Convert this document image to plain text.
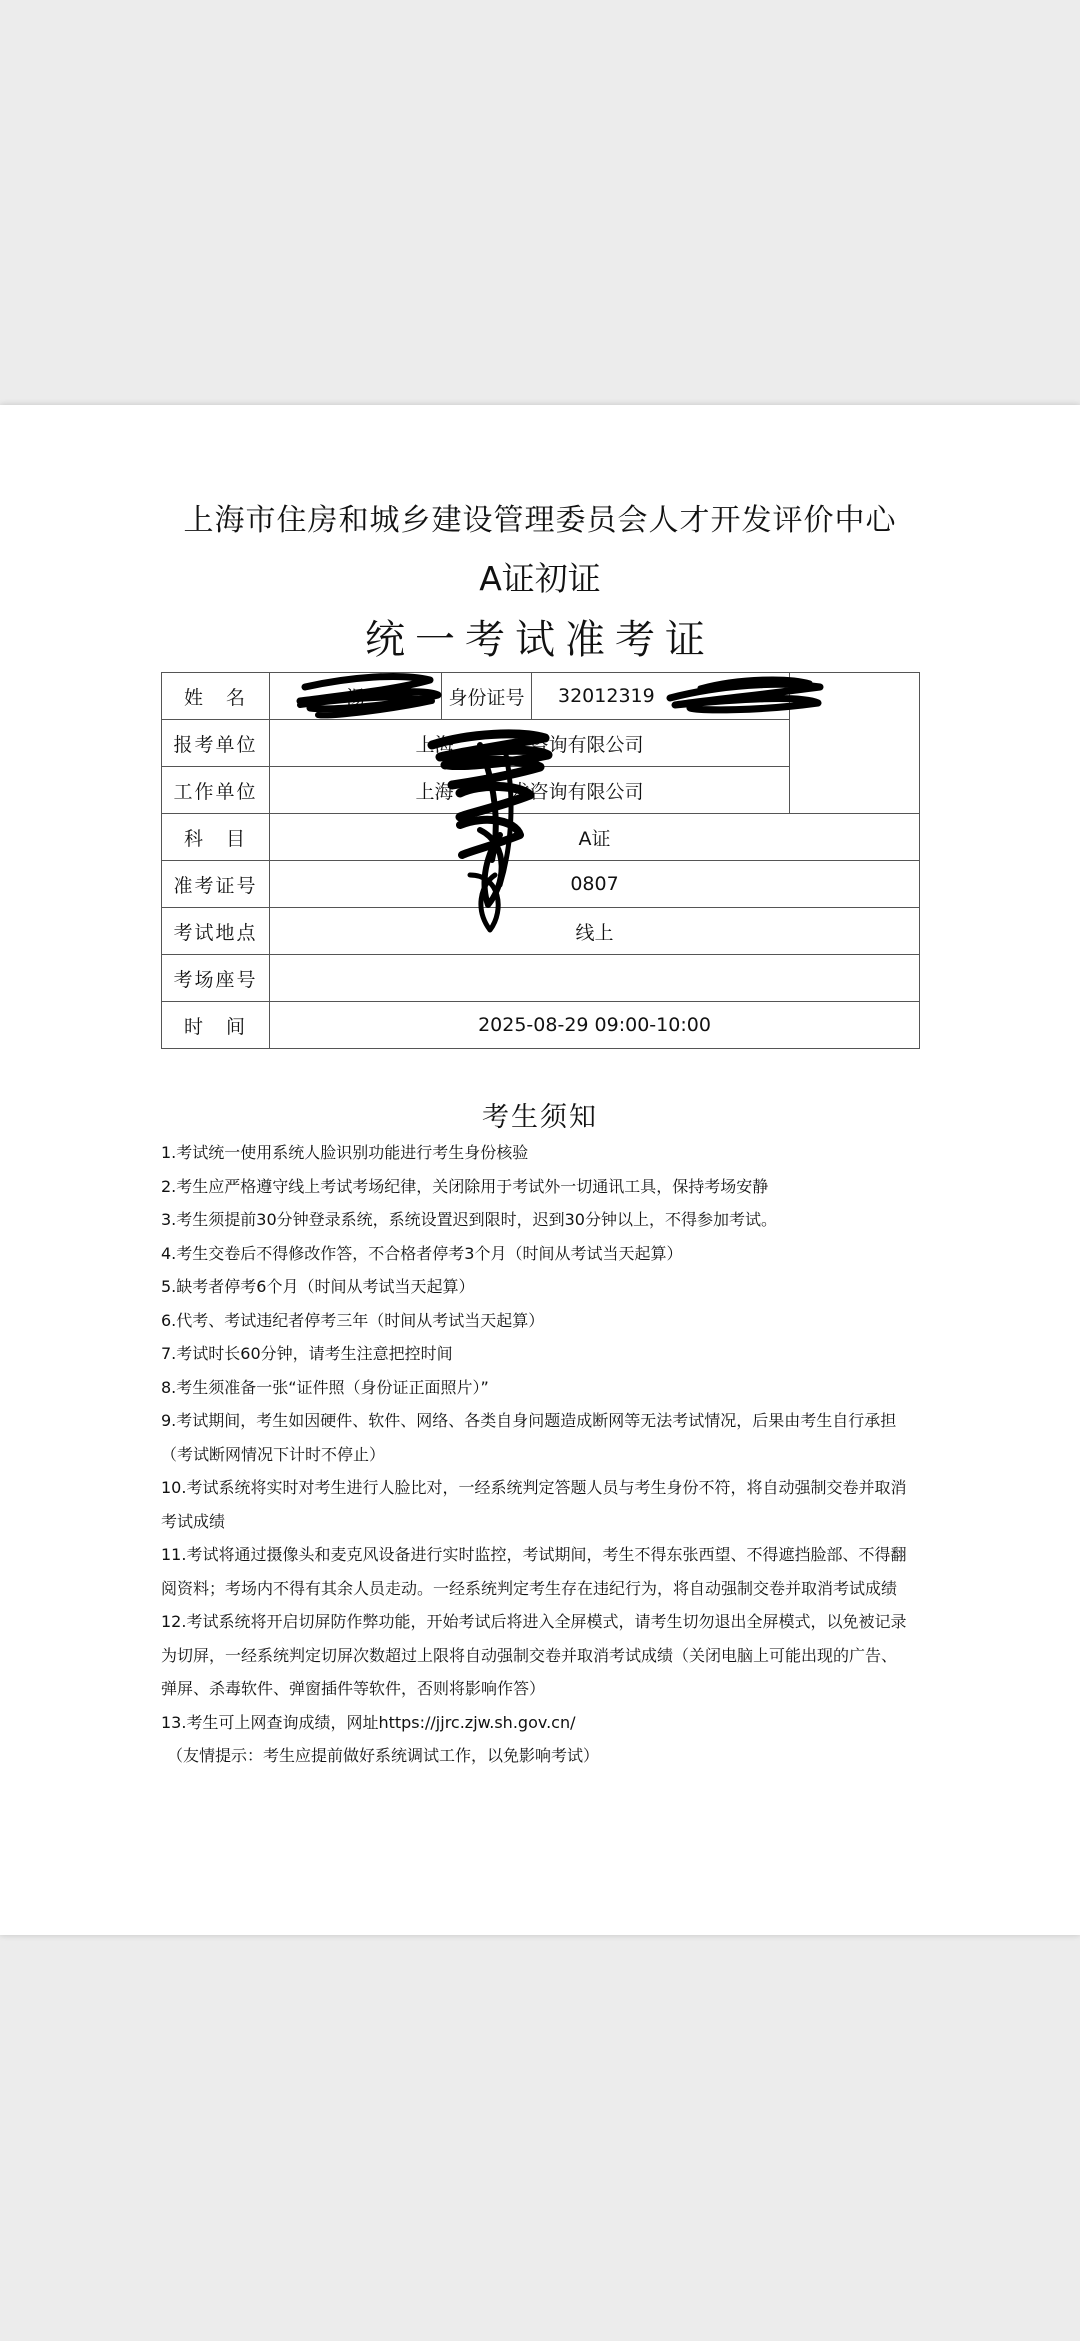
上海市住房和城乡建设管理委员会人才开发评价中心
A证初证
统一考试准考证
姓　名	湯	身份证号	32012319	
报考单位	上海　　　　咨询有限公司			
工作单位	上海　　　术咨询有限公司			
科　目	A证			
准考证号	0807			
考试地点	线上			
考场座号				
时　间	2025-08-29 09:00-10:00			
考生须知
1.考试统一使用系统人脸识别功能进行考生身份核验
2.考生应严格遵守线上考试考场纪律，关闭除用于考试外一切通讯工具，保持考场安静
3.考生须提前30分钟登录系统，系统设置迟到限时，迟到30分钟以上，不得参加考试。
4.考生交卷后不得修改作答，不合格者停考3个月（时间从考试当天起算）
5.缺考者停考6个月（时间从考试当天起算）
6.代考、考试违纪者停考三年（时间从考试当天起算）
7.考试时长60分钟，请考生注意把控时间
8.考生须准备一张“证件照（身份证正面照片）”
9.考试期间，考生如因硬件、软件、网络、各类自身问题造成断网等无法考试情况，后果由考生自行承担
（考试断网情况下计时不停止）
10.考试系统将实时对考生进行人脸比对，一经系统判定答题人员与考生身份不符，将自动强制交卷并取消
考试成绩
11.考试将通过摄像头和麦克风设备进行实时监控，考试期间，考生不得东张西望、不得遮挡脸部、不得翻
阅资料；考场内不得有其余人员走动。一经系统判定考生存在违纪行为，将自动强制交卷并取消考试成绩
12.考试系统将开启切屏防作弊功能，开始考试后将进入全屏模式，请考生切勿退出全屏模式，以免被记录
为切屏，一经系统判定切屏次数超过上限将自动强制交卷并取消考试成绩（关闭电脑上可能出现的广告、
弹屏、杀毒软件、弹窗插件等软件，否则将影响作答）
13.考生可上网查询成绩，网址https://jjrc.zjw.sh.gov.cn/
（友情提示：考生应提前做好系统调试工作，以免影响考试）
